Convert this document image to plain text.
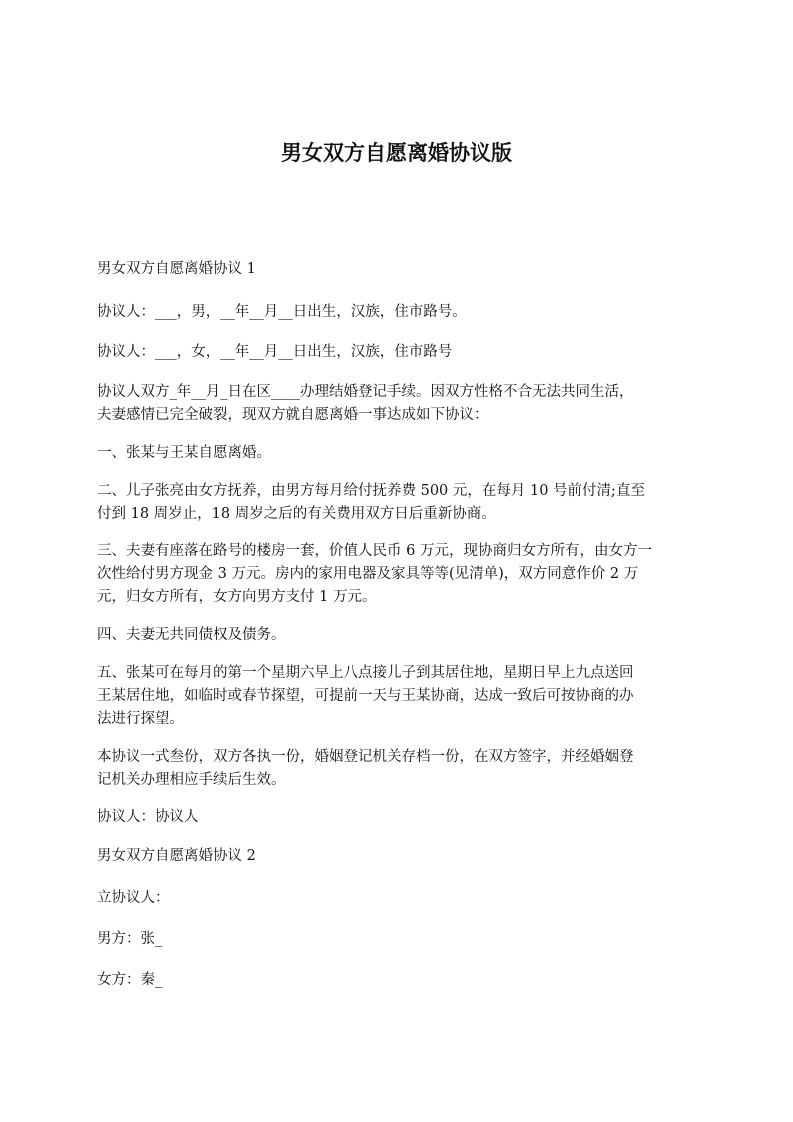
男女双方自愿离婚协议版

男女双方自愿离婚协议 1

协议人：___，男，__年__月__日出生，汉族，住市路号。

协议人：___，女，__年__月__日出生，汉族，住市路号

协议人双方_年__月_日在区____办理结婚登记手续。因双方性格不合无法共同生活，
夫妻感情已完全破裂，现双方就自愿离婚一事达成如下协议：

一、张某与王某自愿离婚。

二、儿子张亮由女方抚养，由男方每月给付抚养费 500 元，在每月 10 号前付清;直至
付到 18 周岁止，18 周岁之后的有关费用双方日后重新协商。

三、夫妻有座落在路号的楼房一套，价值人民币 6 万元，现协商归女方所有，由女方一
次性给付男方现金 3 万元。房内的家用电器及家具等等(见清单)，双方同意作价 2 万
元，归女方所有，女方向男方支付 1 万元。

四、夫妻无共同债权及债务。

五、张某可在每月的第一个星期六早上八点接儿子到其居住地，星期日早上九点送回
王某居住地，如临时或春节探望，可提前一天与王某协商，达成一致后可按协商的办
法进行探望。

本协议一式叁份，双方各执一份，婚姻登记机关存档一份，在双方签字，并经婚姻登
记机关办理相应手续后生效。

协议人：协议人

男女双方自愿离婚协议 2

立协议人：

男方：张_

女方：秦_
